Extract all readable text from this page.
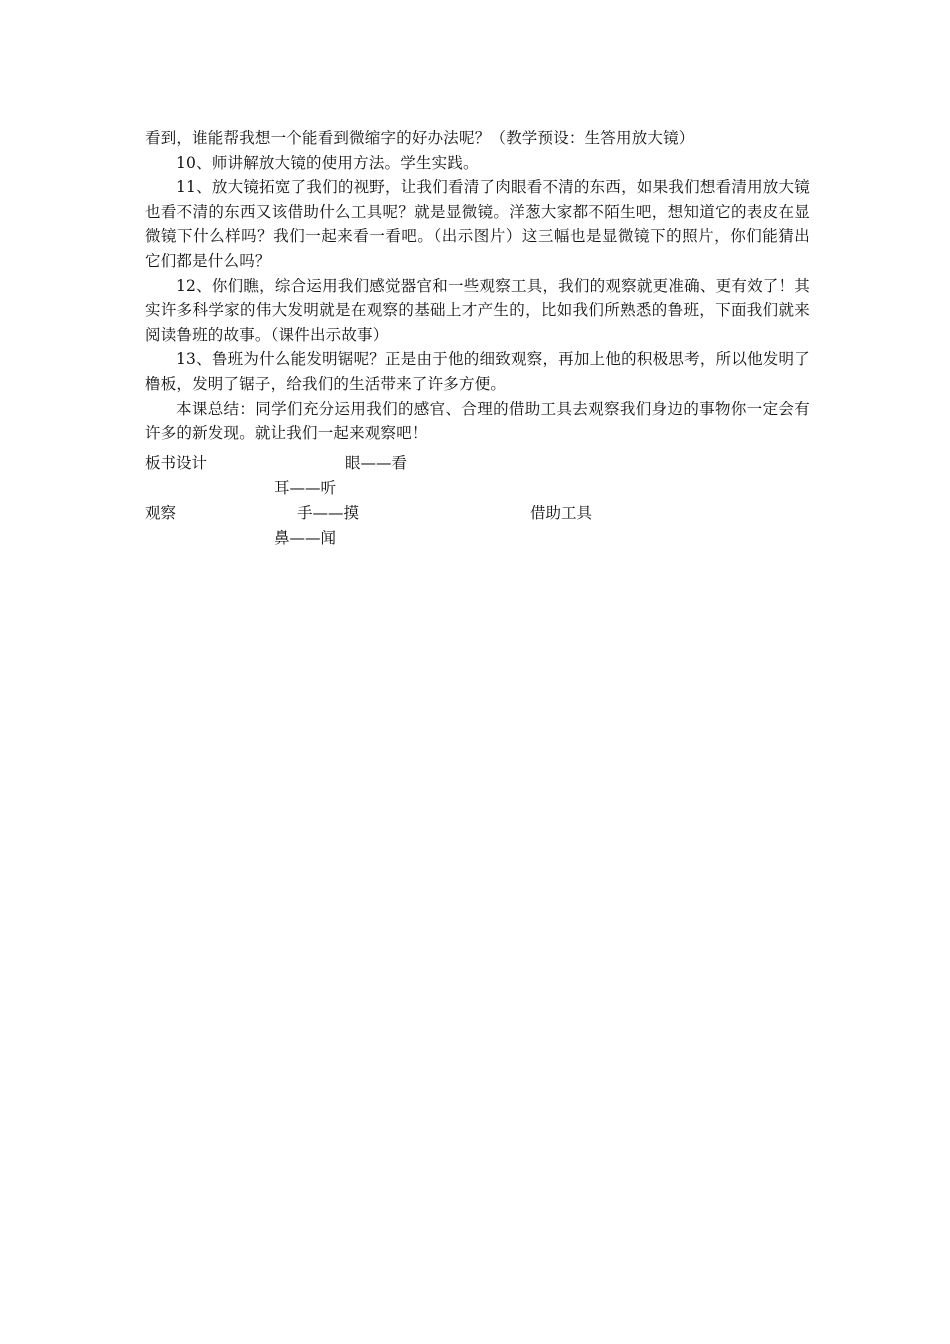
看到，谁能帮我想一个能看到微缩字的好办法呢？（教学预设：生答用放大镜）

10、师讲解放大镜的使用方法。学生实践。

11、放大镜拓宽了我们的视野，让我们看清了肉眼看不清的东西，如果我们想看清用放大镜也看不清的东西又该借助什么工具呢？就是显微镜。洋葱大家都不陌生吧，想知道它的表皮在显微镜下什么样吗？我们一起来看一看吧。（出示图片）这三幅也是显微镜下的照片，你们能猜出它们都是什么吗？

12、你们瞧，综合运用我们感觉器官和一些观察工具，我们的观察就更准确、更有效了！其实许多科学家的伟大发明就是在观察的基础上才产生的，比如我们所熟悉的鲁班，下面我们就来阅读鲁班的故事。（课件出示故事）

13、鲁班为什么能发明锯呢？正是由于他的细致观察，再加上他的积极思考，所以他发明了橹板，发明了锯子，给我们的生活带来了许多方便。

本课总结：同学们充分运用我们的感官、合理的借助工具去观察我们身边的事物你一定会有许多的新发现。就让我们一起来观察吧！

板书设计	眼——看
耳——听
观察	手——摸	借助工具
鼻——闻
